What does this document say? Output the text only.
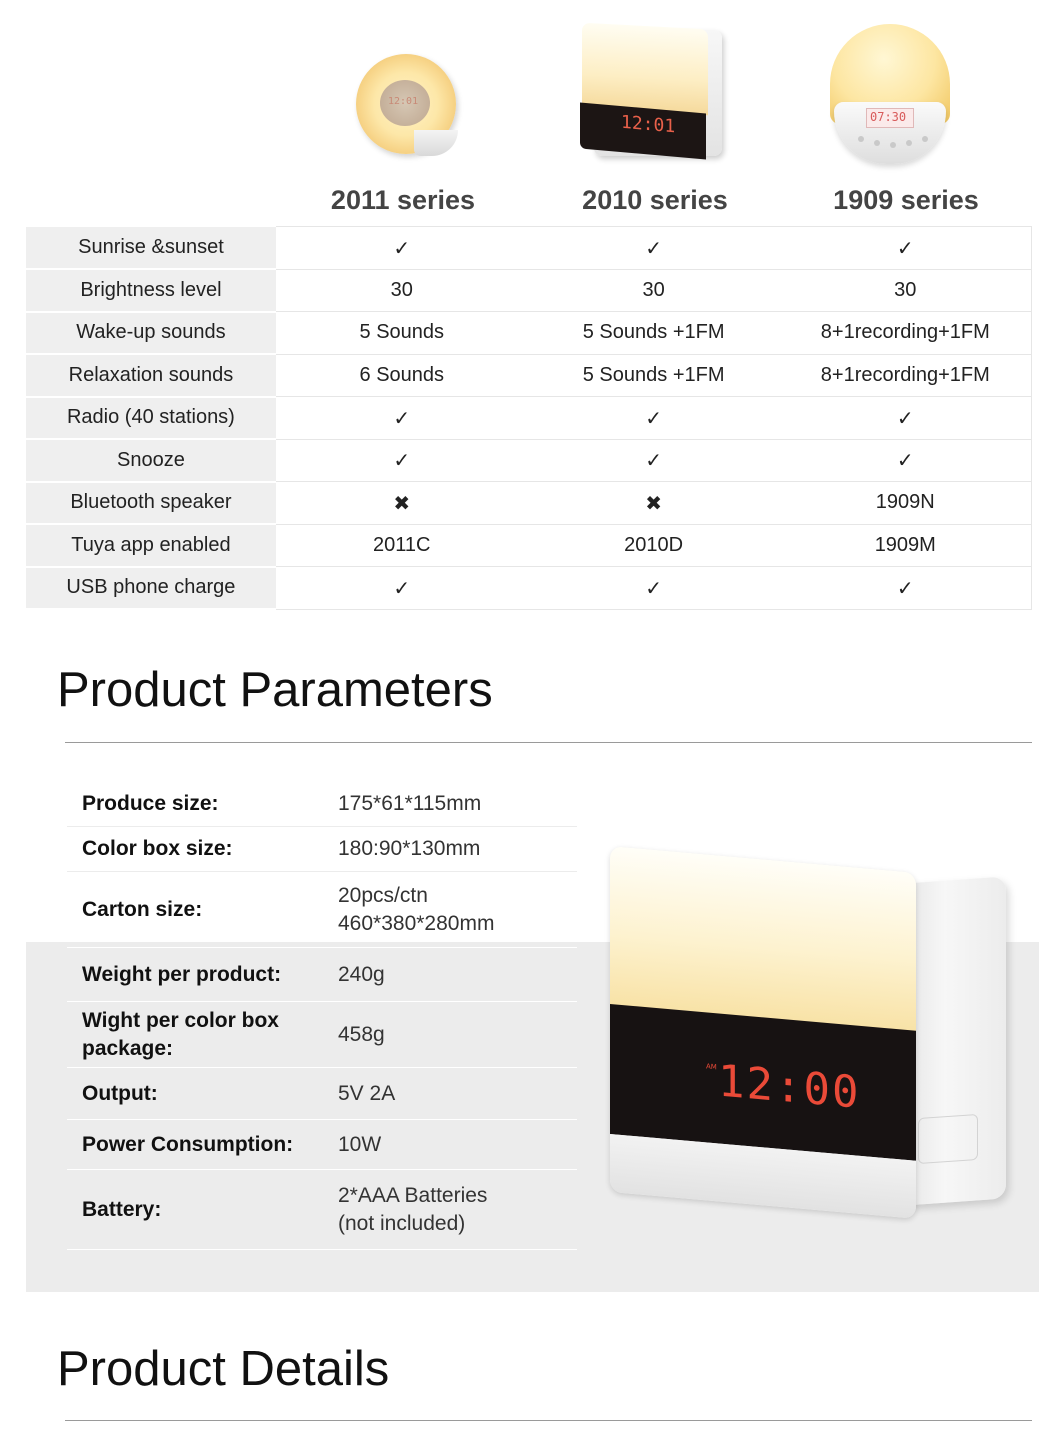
12:01
12:01	07:30
2011 series	2010 series	1909 series
Sunrise &sunset	✓	✓	✓
Brightness level	30	30	30
Wake-up sounds	5 Sounds	5 Sounds +1FM	8+1recording+1FM
Relaxation sounds	6 Sounds	5 Sounds +1FM	8+1recording+1FM
Radio (40 stations)	✓	✓	✓
Snooze	✓	✓	✓
Bluetooth speaker	✖	✖	1909N
Tuya app enabled	2011C	2010D	1909M
USB phone charge	✓	✓	✓
Product Parameters
Produce size:	175*61*115mm
Color box size:	180:90*130mm
Carton size:
20pcs/ctn
460*380*280mm
Weight per product:	240g
Wight per color box package:
458g
Output:	5V 2A
Power Consumption:	10W
Battery:
2*AAA Batteries
(not included)
AM 12:00
Product Details
